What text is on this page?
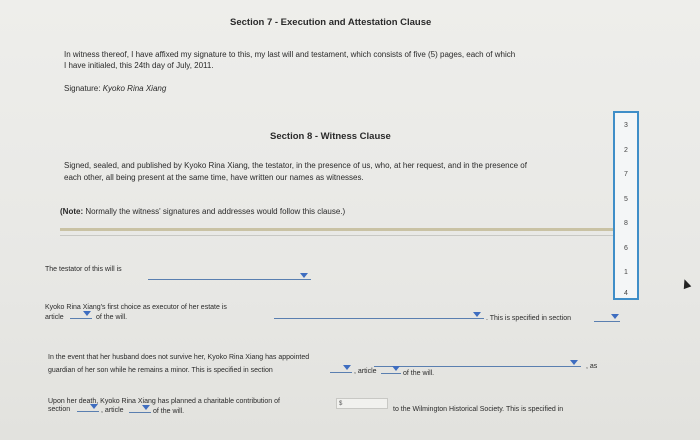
Section 7 - Execution and Attestation Clause
In witness thereof, I have affixed my signature to this, my last will and testament, which consists of five (5) pages, each of which
I have initialed, this 24th day of July, 2011.
Signature: Kyoko Rina Xiang
Section 8 - Witness Clause
Signed, sealed, and published by Kyoko Rina Xiang, the testator, in the presence of us, who, at her request, and in the presence of
each other, all being present at the same time, have written our names as witnesses.
(Note: Normally the witness' signatures and addresses would follow this clause.)
The testator of this will is
Kyoko Rina Xiang's first choice as executor of her estate is
article	of the will.	. This is specified in section
In the event that her husband does not survive her, Kyoko Rina Xiang has appointed
, as
guardian of her son while he remains a minor. This is specified in section	, article	of the will.
Upon her death, Kyoko Rina Xiang has planned a charitable contribution of	$
to the Wilmington Historical Society. This is specified in
section	, article	of the will.
3
2
7
5
8
6
1
4
